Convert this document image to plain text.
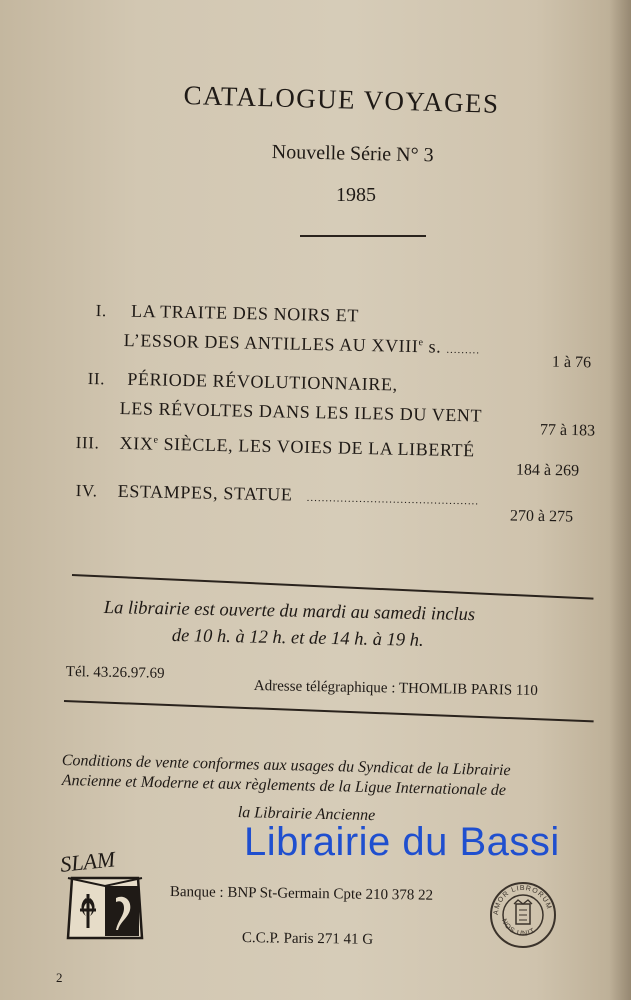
CATALOGUE VOYAGES
Nouvelle Série N° 3
1985
I. LA TRAITE DES NOIRS ET
L’ESSOR DES ANTILLES AU XVIIIe s. .........
1 à 76
II. PÉRIODE RÉVOLUTIONNAIRE,
LES RÉVOLTES DANS LES ILES DU VENT
77 à 183
III. XIXe SIÈCLE, LES VOIES DE LA LIBERTÉ
184 à 269
IV. ESTAMPES, STATUE ..............................................
270 à 275
La librairie est ouverte du mardi au samedi inclus
de 10 h. à 12 h. et de 14 h. à 19 h.
Tél. 43.26.97.69
Adresse télégraphique : THOMLIB PARIS 110
Conditions de vente conformes aux usages du Syndicat de la Librairie
Ancienne et Moderne et aux règlements de la Ligue Internationale de
la Librairie Ancienne
SLAM	Librairie du Bassi
Banque : BNP St-Germain Cpte 210 378 22
C.C.P. Paris 271 41 G
AMOR LIBRORUM
NOS UNIT
2
